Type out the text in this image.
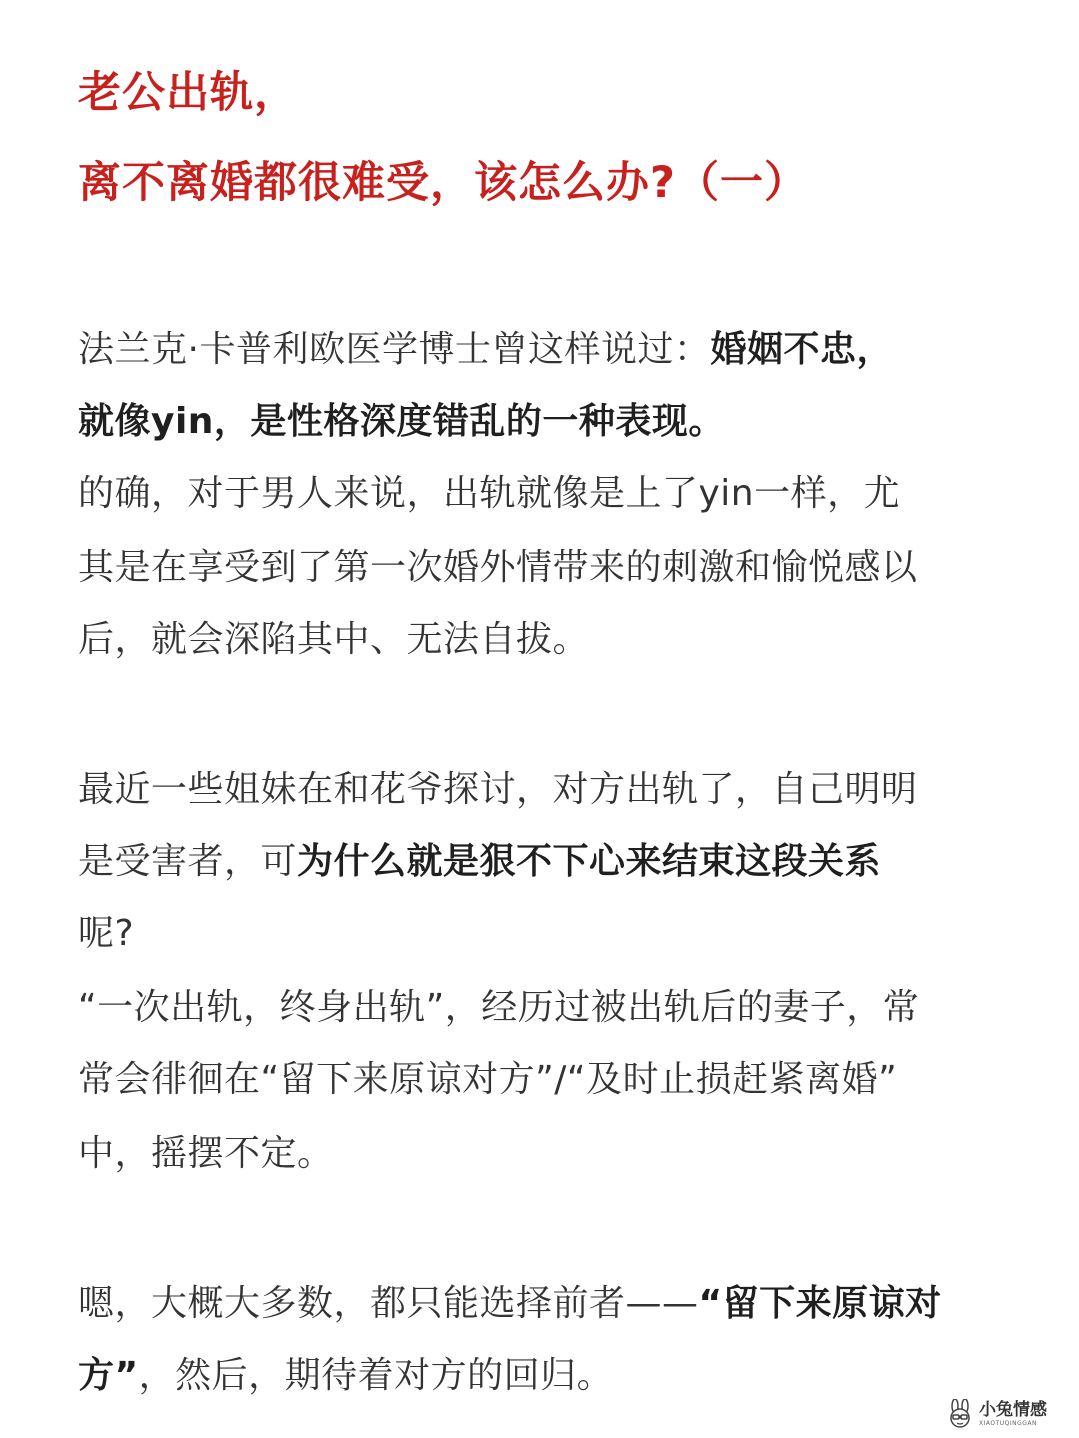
老公出轨，
离不离婚都很难受，该怎么办?（一）
法兰克·卡普利欧医学博士曾这样说过：婚姻不忠，
就像yin，是性格深度错乱的一种表现。
的确，对于男人来说，出轨就像是上了yin一样，尤
其是在享受到了第一次婚外情带来的刺激和愉悦感以
后，就会深陷其中、无法自拔。
最近一些姐妹在和花爷探讨，对方出轨了，自己明明
是受害者，可为什么就是狠不下心来结束这段关系
呢?
“一次出轨，终身出轨”，经历过被出轨后的妻子，常
常会徘徊在“留下来原谅对方”/“及时止损赶紧离婚”
中，摇摆不定。
嗯，大概大多数，都只能选择前者——“留下来原谅对
方”，然后，期待着对方的回归。
小兔情感
XIAOTUQINGGAN
